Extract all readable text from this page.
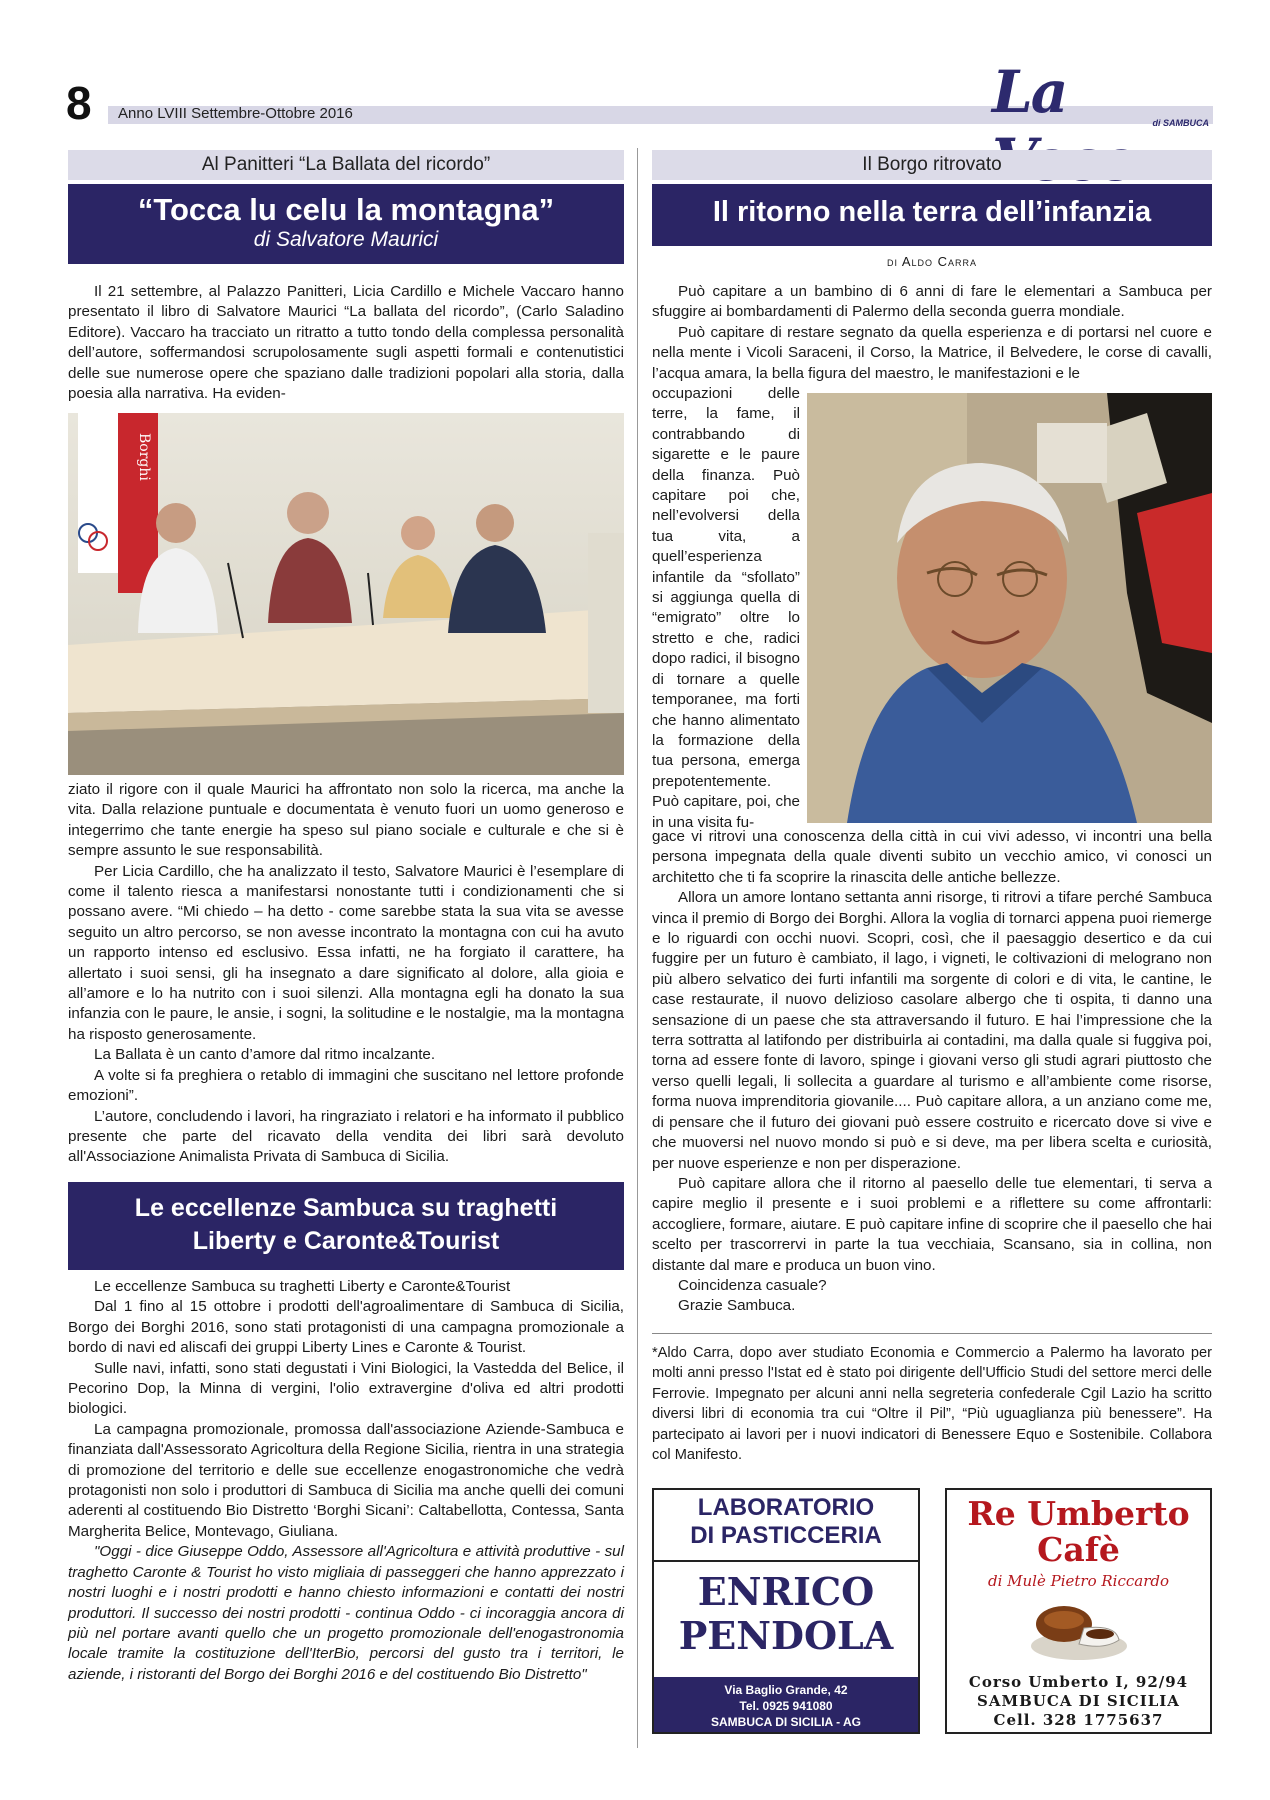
8 Anno LVIII Settembre-Ottobre 2016	La	di SAMBUCA
Al Panitteri “La Ballata del ricordo”
“Tocca lu celu la montagna”
di Salvatore Maurici

Il 21 settembre, al Palazzo Panitteri, Licia Cardillo e Michele Vaccaro hanno presentato il libro di Salvatore Maurici “La ballata del ricordo”, (Carlo Saladino Editore). Vaccaro ha tracciato un ritratto a tutto tondo della complessa personalità dell’autore, soffermandosi scrupolosamente sugli aspetti formali e contenutistici delle sue numerose opere che spaziano dalle tradizioni popolari alla storia, dalla poesia alla narrativa. Ha eviden-

Borghi

ziato il rigore con il quale Maurici ha affrontato non solo la ricerca, ma anche la vita. Dalla relazione puntuale e documentata è venuto fuori un uomo generoso e integerrimo che tante energie ha speso sul piano sociale e culturale e che si è sempre assunto le sue responsabilità.

Per Licia Cardillo, che ha analizzato il testo, Salvatore Maurici è l’esemplare di come il talento riesca a manifestarsi nonostante tutti i condizionamenti che si possano avere. “Mi chiedo – ha detto - come sarebbe stata la sua vita se avesse seguito un altro percorso, se non avesse incontrato la montagna con cui ha avuto un rapporto intenso ed esclusivo. Essa infatti, ne ha forgiato il carattere, ha allertato i suoi sensi, gli ha insegnato a dare significato al dolore, alla gioia e all’amore e lo ha nutrito con i suoi silenzi. Alla montagna egli ha donato la sua infanzia con le paure, le ansie, i sogni, la solitudine e le nostalgie, ma la montagna ha risposto generosamente.

La Ballata è un canto d’amore dal ritmo incalzante.

A volte si fa preghiera o retablo di immagini che suscitano nel lettore profonde emozioni”.

L’autore, concludendo i lavori, ha ringraziato i relatori e ha informato il pubblico presente che parte del ricavato della vendita dei libri sarà devoluto all'Associazione Animalista Privata di Sambuca di Sicilia.

Le eccellenze Sambuca su traghetti
Liberty e Caronte&Tourist

Le eccellenze Sambuca su traghetti Liberty e Caronte&Tourist

Dal 1 fino al 15 ottobre i prodotti dell'agroalimentare di Sambuca di Sicilia, Borgo dei Borghi 2016, sono stati protagonisti di una campagna promozionale a bordo di navi ed aliscafi dei gruppi Liberty Lines e Caronte & Tourist.

Sulle navi, infatti, sono stati degustati i Vini Biologici, la Vastedda del Belice, il Pecorino Dop, la Minna di vergini, l'olio extravergine d'oliva ed altri prodotti biologici.

La campagna promozionale, promossa dall'associazione Aziende-Sambuca e finanziata dall'Assessorato Agricoltura della Regione Sicilia, rientra in una strategia di promozione del territorio e delle sue eccellenze enogastronomiche che vedrà protagonisti non solo i produttori di Sambuca di Sicilia ma anche quelli dei comuni aderenti al costituendo Bio Distretto ‘Borghi Sicani’: Caltabellotta, Contessa, Santa Margherita Belice, Montevago, Giuliana.

"Oggi - dice Giuseppe Oddo, Assessore all'Agricoltura e attività produttive - sul traghetto Caronte & Tourist ho visto migliaia di passeggeri che hanno apprezzato i nostri luoghi e i nostri prodotti e hanno chiesto informazioni e contatti dei nostri produttori. Il successo dei nostri prodotti - continua Oddo - ci incoraggia ancora di più nel portare avanti quello che un progetto promozionale dell'enogastronomia locale tramite la costituzione dell'IterBio, percorsi del gusto tra i territori, le aziende, i ristoranti del Borgo dei Borghi 2016 e del costituendo Bio Distretto"

Il Borgo ritrovato
Il ritorno nella terra dell’infanzia
di Aldo Carra

Può capitare a un bambino di 6 anni di fare le elementari a Sambuca per sfuggire ai bombardamenti di Palermo della seconda guerra mondiale.

Può capitare di restare segnato da quella esperienza e di portarsi nel cuore e nella mente i Vicoli Saraceni, il Corso, la Matrice, il Belvedere, le corse di cavalli, l’acqua amara, la bella figura del maestro, le manifestazioni e le

occupazioni delle terre, la fame, il contrabbando di sigarette e le paure della finanza. Può capitare poi che, nell’evolversi della tua vita, a quell’esperienza infantile da “sfollato” si aggiunga quella di “emigrato” oltre lo stretto e che, radici dopo radici, il bisogno di tornare a quelle temporanee, ma forti che hanno alimentato la formazione della tua persona, emerga prepotentemente. Può capitare, poi, che in una visita fu-

gace vi ritrovi una conoscenza della città in cui vivi adesso, vi incontri una bella persona impegnata della quale diventi subito un vecchio amico, vi conosci un architetto che ti fa scoprire la rinascita delle antiche bellezze.

Allora un amore lontano settanta anni risorge, ti ritrovi a tifare perché Sambuca vinca il premio di Borgo dei Borghi. Allora la voglia di tornarci appena puoi riemerge e lo riguardi con occhi nuovi. Scopri, così, che il paesaggio desertico e da cui fuggire per un futuro è cambiato, il lago, i vigneti, le coltivazioni di melograno non più albero selvatico dei furti infantili ma sorgente di colori e di vita, le cantine, le case restaurate, il nuovo delizioso casolare albergo che ti ospita, ti danno una sensazione di un paese che sta attraversando il futuro. E hai l’impressione che la terra sottratta al latifondo per distribuirla ai contadini, ma dalla quale si fuggiva poi, torna ad essere fonte di lavoro, spinge i giovani verso gli studi agrari piuttosto che verso quelli legali, li sollecita a guardare al turismo e all’ambiente come risorse, forma nuova imprenditoria giovanile.... Può capitare allora, a un anziano come me, di pensare che il futuro dei giovani può essere costruito e ricercato dove si vive e che muoversi nel nuovo mondo si può e si deve, ma per libera scelta e curiosità, per nuove esperienze e non per disperazione.

Può capitare allora che il ritorno al paesello delle tue elementari, ti serva a capire meglio il presente e i suoi problemi e a riflettere su come affrontarli: accogliere, formare, aiutare. E può capitare infine di scoprire che il paesello che hai scelto per trascorrervi in parte la tua vecchiaia, Scansano, sia in collina, non distante dal mare e produca un buon vino.

Coincidenza casuale?

Grazie Sambuca.

*Aldo Carra, dopo aver studiato Economia e Commercio a Palermo ha lavorato per molti anni presso l'Istat ed è stato poi dirigente dell'Ufficio Studi del settore merci delle Ferrovie. Impegnato per alcuni anni nella segreteria confederale Cgil Lazio ha scritto diversi libri di economia tra cui “Oltre il Pil”, “Più uguaglianza più benessere”. Ha partecipato ai lavori per i nuovi indicatori di Benessere Equo e Sostenibile. Collabora col Manifesto.
LABORATORIO
DI PASTICCERIA
ENRICO
PENDOLA
Via Baglio Grande, 42
Tel. 0925 941080
SAMBUCA DI SICILIA - AG
Re Umberto
Cafè
di Mulè Pietro Riccardo
Corso Umberto I, 92/94
SAMBUCA DI SICILIA
Cell. 328 1775637
